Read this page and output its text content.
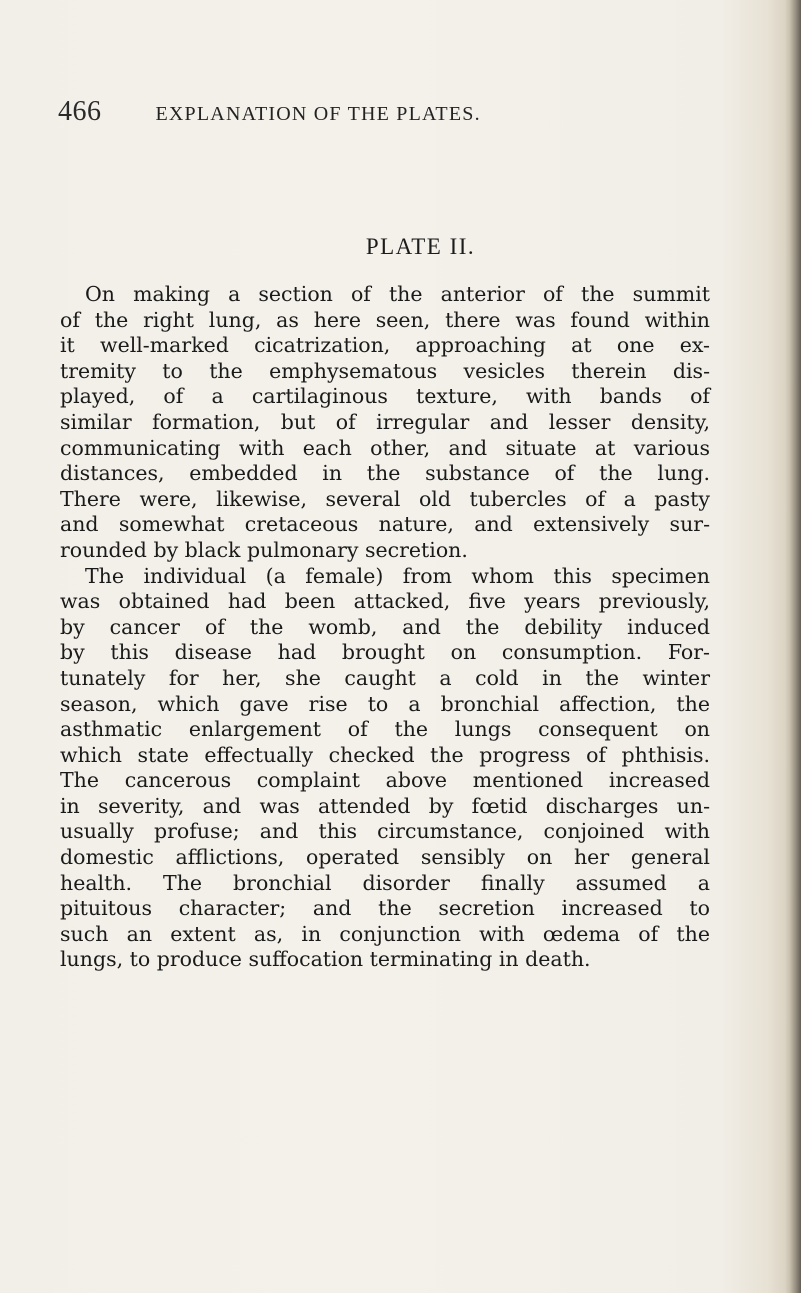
466	EXPLANATION OF THE PLATES.
PLATE II.
On making a section of the anterior of the summit
of the right lung, as here seen, there was found within
it well-marked cicatrization, approaching at one ex-
tremity to the emphysematous vesicles therein dis-
played, of a cartilaginous texture, with bands of
similar formation, but of irregular and lesser density,
communicating with each other, and situate at various
distances, embedded in the substance of the lung.
There were, likewise, several old tubercles of a pasty
and somewhat cretaceous nature, and extensively sur-
rounded by black pulmonary secretion.
The individual (a female) from whom this specimen
was obtained had been attacked, five years previously,
by cancer of the womb, and the debility induced
by this disease had brought on consumption. For-
tunately for her, she caught a cold in the winter
season, which gave rise to a bronchial affection, the
asthmatic enlargement of the lungs consequent on
which state effectually checked the progress of phthisis.
The cancerous complaint above mentioned increased
in severity, and was attended by fœtid discharges un-
usually profuse; and this circumstance, conjoined with
domestic afflictions, operated sensibly on her general
health. The bronchial disorder finally assumed a
pituitous character; and the secretion increased to
such an extent as, in conjunction with œdema of the
lungs, to produce suffocation terminating in death.
